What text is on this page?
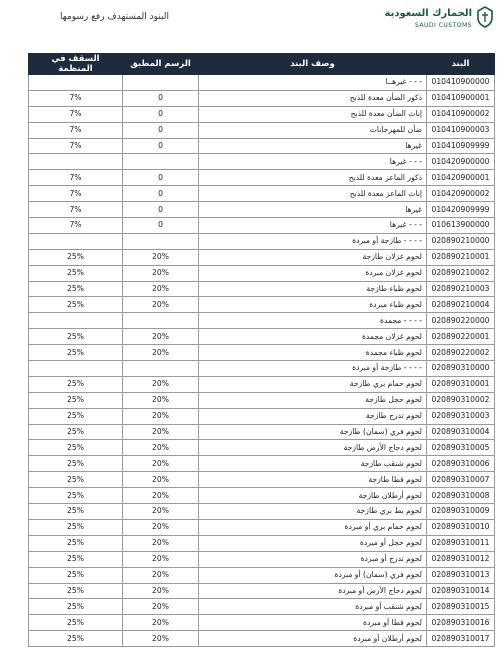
البنود المستهدف رفع رسومها	الجمارك السعودية
SAUDI CUSTOMS
البند	وصف البند	الرسم المطبق	السقف في المنظمة
010410900000	- - - غيرهــا		
010410900001	ذكور الضأن معدة للذبح	0	7%
010410900002	إناث الضأن معدة للذبح	0	7%
010410900003	ضأن للمهرجانات	0	7%
010410909999	غيرها	0	7%
010420900000	- - - غيرها		
010420900001	ذكور الماعز معدة للذبح	0	7%
010420900002	إناث الماعز معدة للذبح	0	7%
010420909999	غيرها	0	7%
010613900000	- - - غيرها	0	7%
020890210000	- - - - طازجة أو مبردة		
020890210001	لحوم غزلان طازجة	20%	25%
020890210002	لحوم غزلان مبردة	20%	25%
020890210003	لحوم ظباء طازجة	20%	25%
020890210004	لحوم ظباء مبردة	20%	25%
020890220000	- - - - مجمدة		
020890220001	لحوم غزلان مجمدة	20%	25%
020890220002	لحوم ظباء مجمدة	20%	25%
020890310000	- - - - طازجة أو مبردة		
020890310001	لحوم حمام بري طازجة	20%	25%
020890310002	لحوم حجل طازجة	20%	25%
020890310003	لحوم تدرج طازجة	20%	25%
020890310004	لحوم فري (سمان) طازجة	20%	25%
020890310005	لحوم دجاج الأرض طازجة	20%	25%
020890310006	لحوم شنقب طازجة	20%	25%
020890310007	لحوم قطا طازجة	20%	25%
020890310008	لحوم أرطلان طازجة	20%	25%
020890310009	لحوم بط بري طازجة	20%	25%
020890310010	لحوم حمام بري أو مبردة	20%	25%
020890310011	لحوم حجل أو مبردة	20%	25%
020890310012	لحوم تدرج أو مبردة	20%	25%
020890310013	لحوم فري (سمان) أو مبردة	20%	25%
020890310014	لحوم دجاج الأرض أو مبردة	20%	25%
020890310015	لحوم شنقب أو مبردة	20%	25%
020890310016	لحوم قطا أو مبردة	20%	25%
020890310017	لحوم أرطلان أو مبردة	20%	25%
